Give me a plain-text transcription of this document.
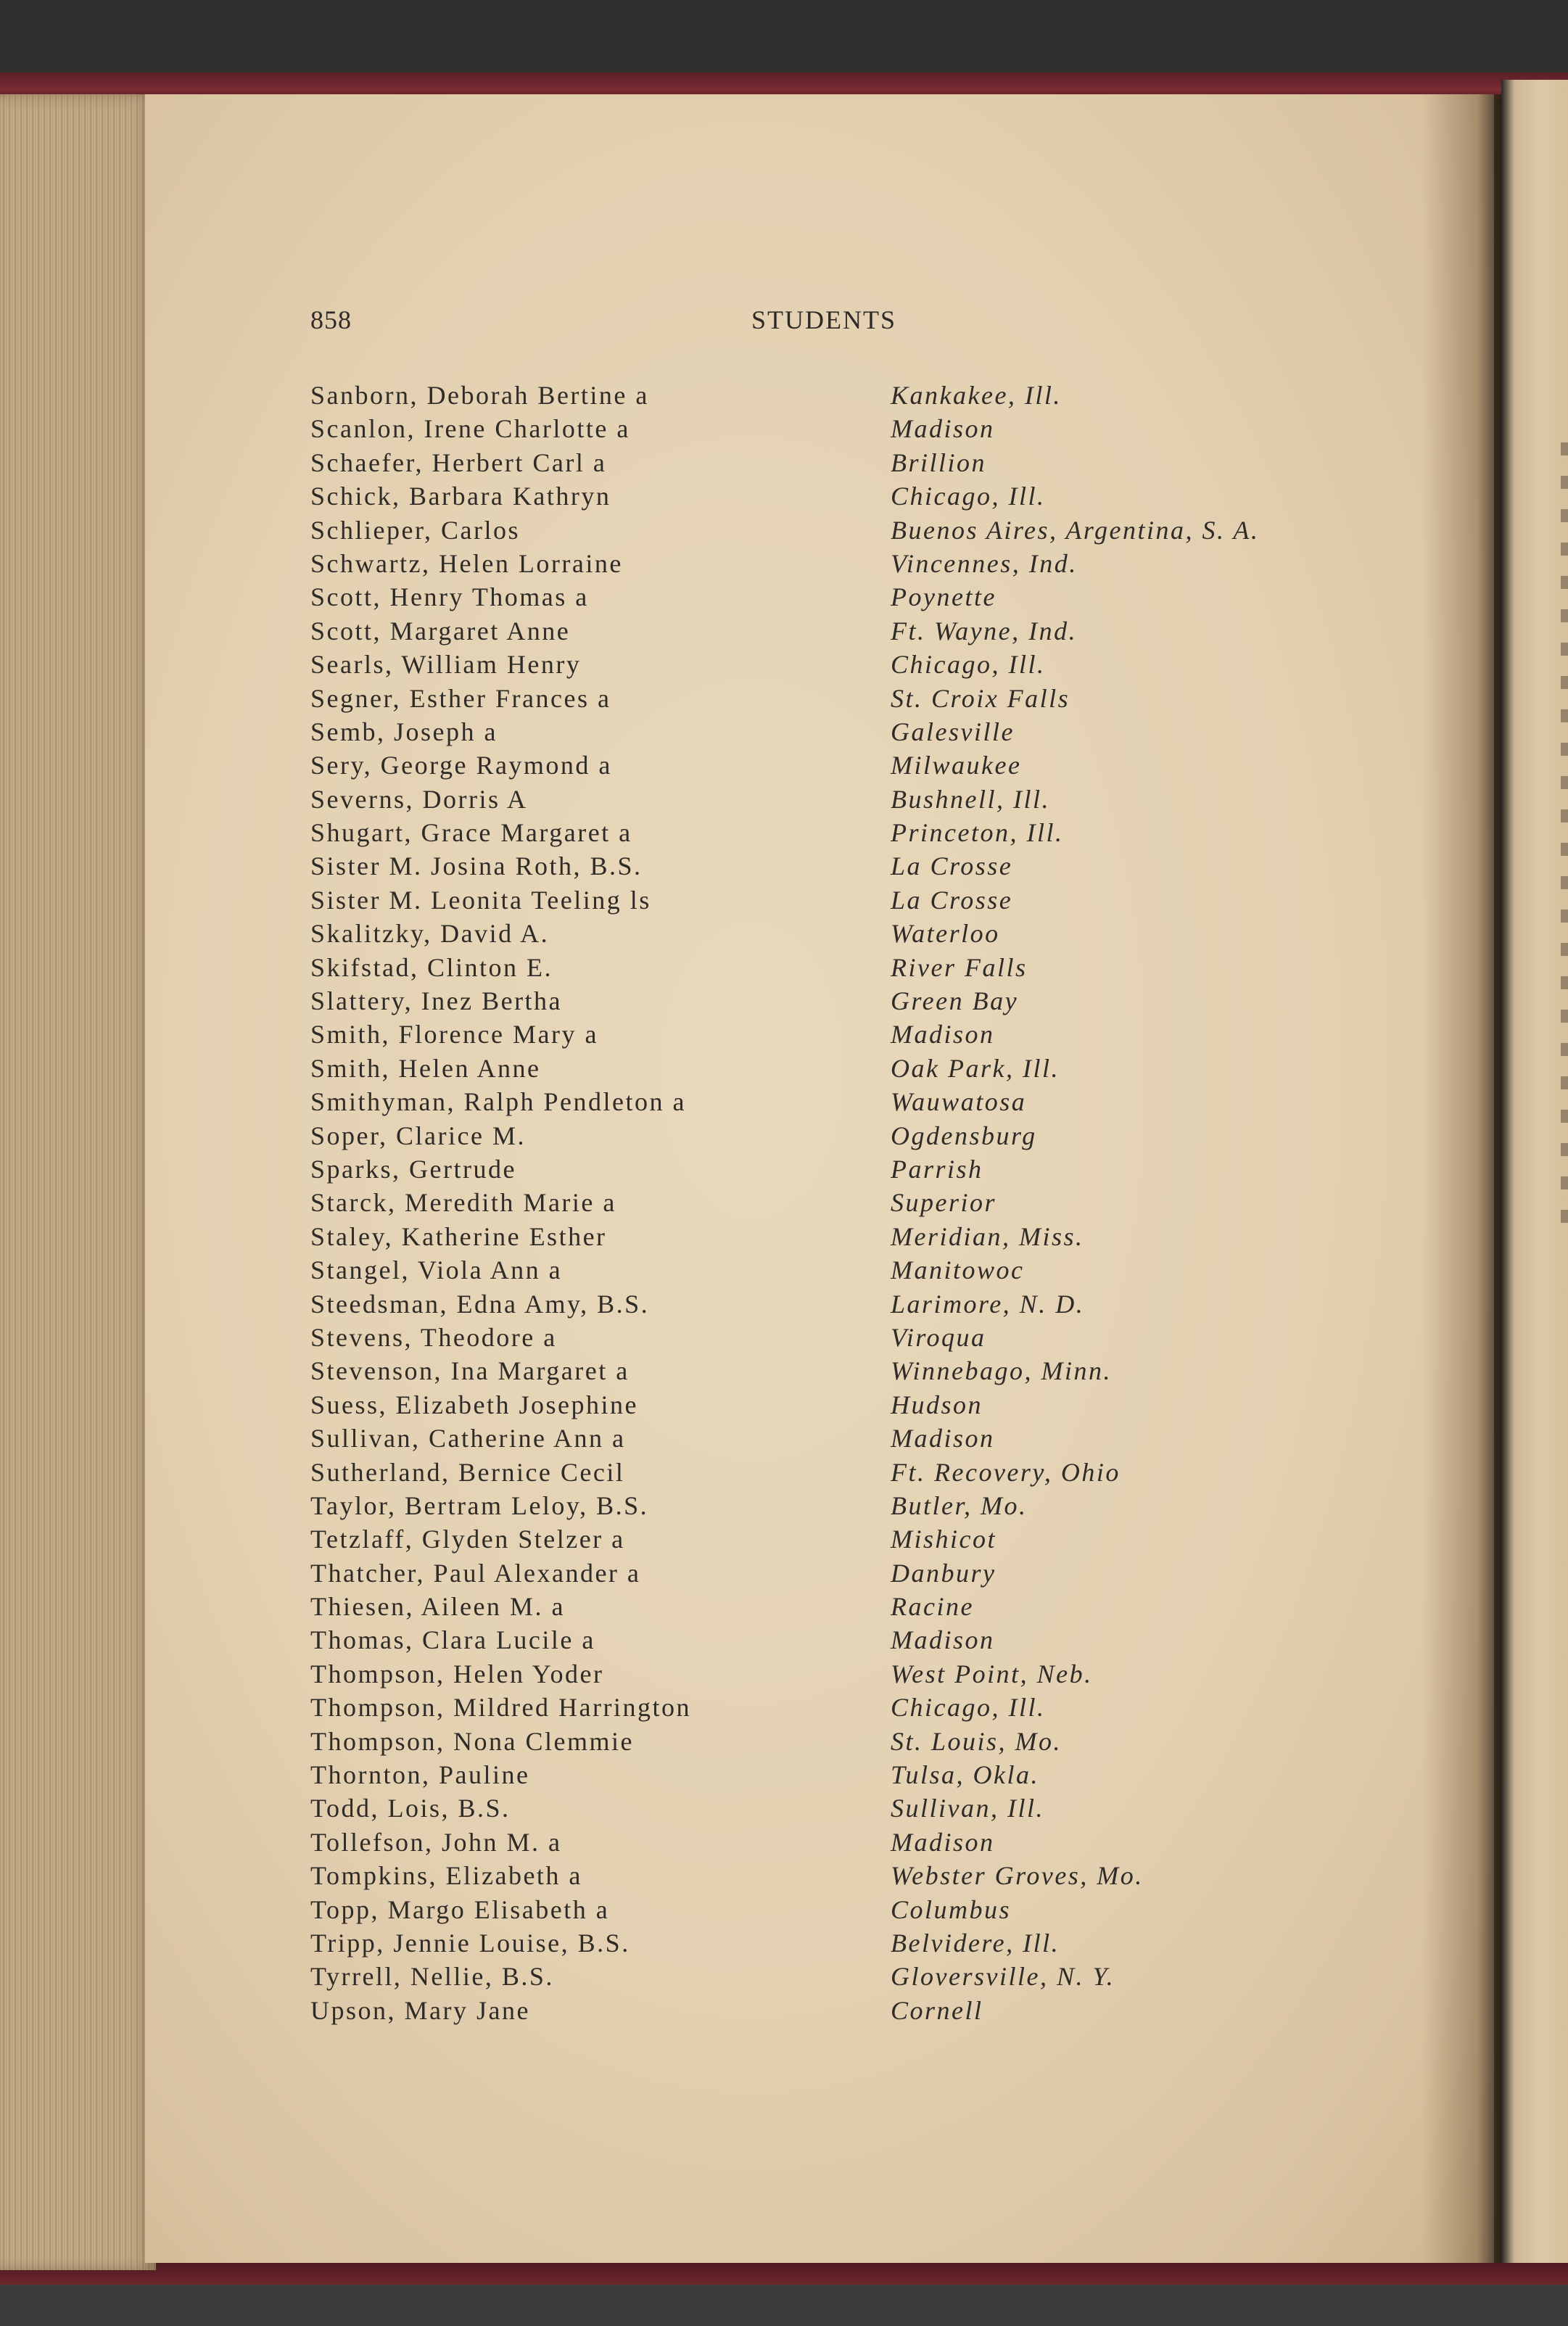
858	STUDENTS
Sanborn, Deborah Bertine a	Kankakee, Ill.
Scanlon, Irene Charlotte a	Madison
Schaefer, Herbert Carl a	Brillion
Schick, Barbara Kathryn	Chicago, Ill.
Schlieper, Carlos	Buenos Aires, Argentina, S. A.
Schwartz, Helen Lorraine	Vincennes, Ind.
Scott, Henry Thomas a	Poynette
Scott, Margaret Anne	Ft. Wayne, Ind.
Searls, William Henry	Chicago, Ill.
Segner, Esther Frances a	St. Croix Falls
Semb, Joseph a	Galesville
Sery, George Raymond a	Milwaukee
Severns, Dorris A	Bushnell, Ill.
Shugart, Grace Margaret a	Princeton, Ill.
Sister M. Josina Roth, B.S.	La Crosse
Sister M. Leonita Teeling ls	La Crosse
Skalitzky, David A.	Waterloo
Skifstad, Clinton E.	River Falls
Slattery, Inez Bertha	Green Bay
Smith, Florence Mary a	Madison
Smith, Helen Anne	Oak Park, Ill.
Smithyman, Ralph Pendleton a	Wauwatosa
Soper, Clarice M.	Ogdensburg
Sparks, Gertrude	Parrish
Starck, Meredith Marie a	Superior
Staley, Katherine Esther	Meridian, Miss.
Stangel, Viola Ann a	Manitowoc
Steedsman, Edna Amy, B.S.	Larimore, N. D.
Stevens, Theodore a	Viroqua
Stevenson, Ina Margaret a	Winnebago, Minn.
Suess, Elizabeth Josephine	Hudson
Sullivan, Catherine Ann a	Madison
Sutherland, Bernice Cecil	Ft. Recovery, Ohio
Taylor, Bertram Leloy, B.S.	Butler, Mo.
Tetzlaff, Glyden Stelzer a	Mishicot
Thatcher, Paul Alexander a	Danbury
Thiesen, Aileen M. a	Racine
Thomas, Clara Lucile a	Madison
Thompson, Helen Yoder	West Point, Neb.
Thompson, Mildred Harrington	Chicago, Ill.
Thompson, Nona Clemmie	St. Louis, Mo.
Thornton, Pauline	Tulsa, Okla.
Todd, Lois, B.S.	Sullivan, Ill.
Tollefson, John M. a	Madison
Tompkins, Elizabeth a	Webster Groves, Mo.
Topp, Margo Elisabeth a	Columbus
Tripp, Jennie Louise, B.S.	Belvidere, Ill.
Tyrrell, Nellie, B.S.	Gloversville, N. Y.
Upson, Mary Jane	Cornell
